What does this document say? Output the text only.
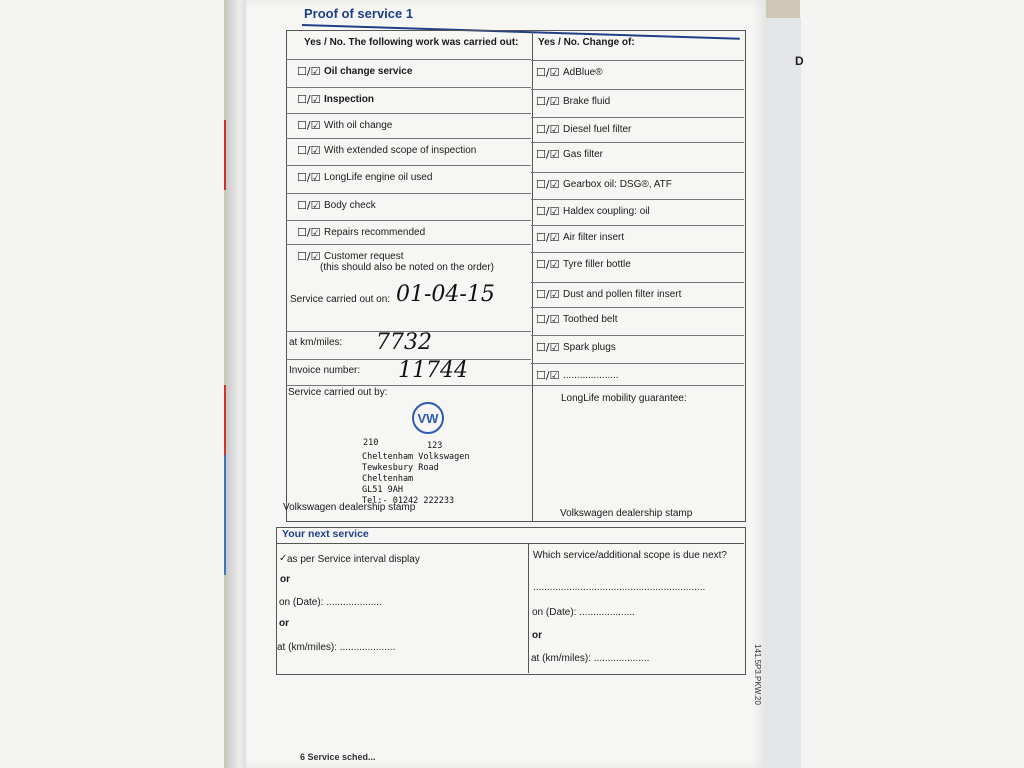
D
Proof of service 1
Yes / No. The following work was carried out: Yes / No. Change of:
☐/☑ Oil change service
☐/☑ Inspection
☐/☑ With oil change
☐/☑ With extended scope of inspection
☐/☑ LongLife engine oil used
☐/☑ Body check
☐/☑ Repairs recommended
☐/☑ Customer request
(this should also be noted on the order)
☐/☑ AdBlue®
☐/☑ Brake fluid
☐/☑ Diesel fuel filter
☐/☑ Gas filter
☐/☑ Gearbox oil: DSG®, ATF
☐/☑ Haldex coupling: oil
☐/☑ Air filter insert
☐/☑ Tyre filler bottle
☐/☑ Dust and pollen filter insert
☐/☑ Toothed belt
☐/☑ Spark plugs
☐/☑ ....................
Service carried out on: 01-04-15
at km/miles: 7732
Invoice number: 11744
Service carried out by:
LongLife mobility guarantee:
VW
210	123
Cheltenham Volkswagen
Tewkesbury Road
Cheltenham
GL51 9AH
Tel:- 01242 222233
Volkswagen dealership stamp
Volkswagen dealership stamp
Your next service
✓ as per Service interval display
or
on (Date): ....................
or
at (km/miles): ....................
Which service/additional scope is due next?
..............................................................
on (Date): ....................
or
at (km/miles): ....................
6 Service sched...
141.5P3.PKW.20
